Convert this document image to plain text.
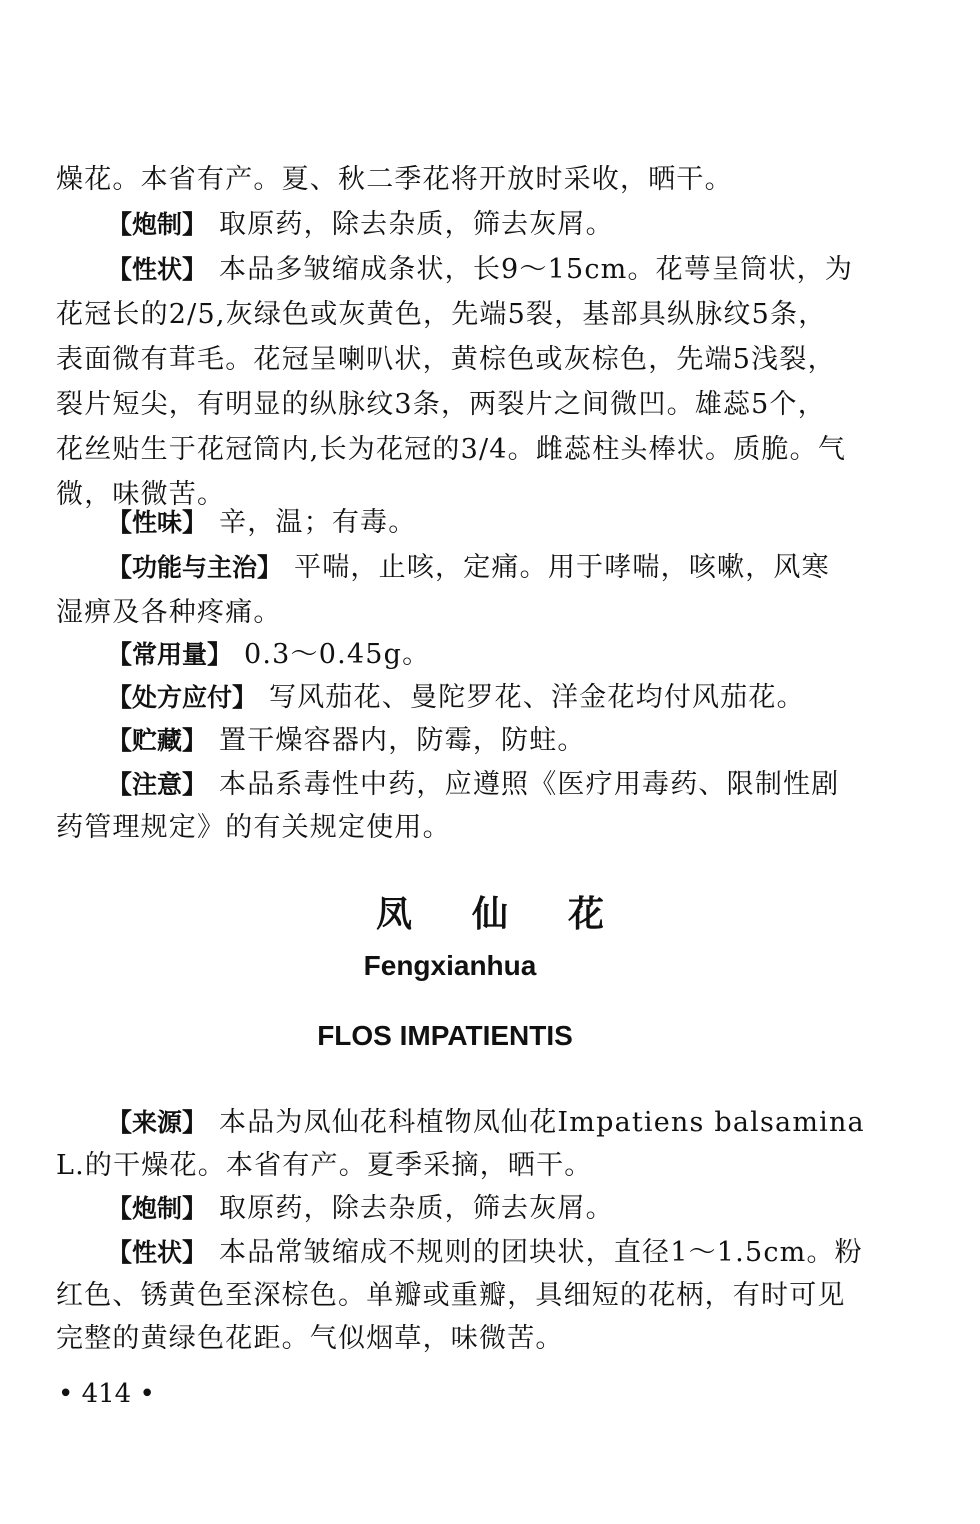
燥花。本省有产。夏、秋二季花将开放时采收，晒干。
【炮制】 取原药，除去杂质，筛去灰屑。
【性状】 本品多皱缩成条状，长9～15cm。花萼呈筒状，为
花冠长的2/5,灰绿色或灰黄色，先端5裂，基部具纵脉纹5条，
表面微有茸毛。花冠呈喇叭状，黄棕色或灰棕色，先端5浅裂，
裂片短尖，有明显的纵脉纹3条，两裂片之间微凹。雄蕊5个，
花丝贴生于花冠筒内,长为花冠的3/4。雌蕊柱头棒状。质脆。气
微，味微苦。
【性味】 辛，温；有毒。
【功能与主治】 平喘，止咳，定痛。用于哮喘，咳嗽，风寒
湿痹及各种疼痛。
【常用量】 0.3～0.45g。
【处方应付】 写风茄花、曼陀罗花、洋金花均付风茄花。
【贮藏】 置干燥容器内，防霉，防蛀。
【注意】 本品系毒性中药，应遵照《医疗用毒药、限制性剧
药管理规定》的有关规定使用。
凤仙花
Fengxianhua
FLOS IMPATIENTIS
【来源】 本品为凤仙花科植物凤仙花Impatiens balsamina
L.的干燥花。本省有产。夏季采摘，晒干。
【炮制】 取原药，除去杂质，筛去灰屑。
【性状】 本品常皱缩成不规则的团块状，直径1～1.5cm。粉
红色、锈黄色至深棕色。单瓣或重瓣，具细短的花柄，有时可见
完整的黄绿色花距。气似烟草，味微苦。
• 414 •
